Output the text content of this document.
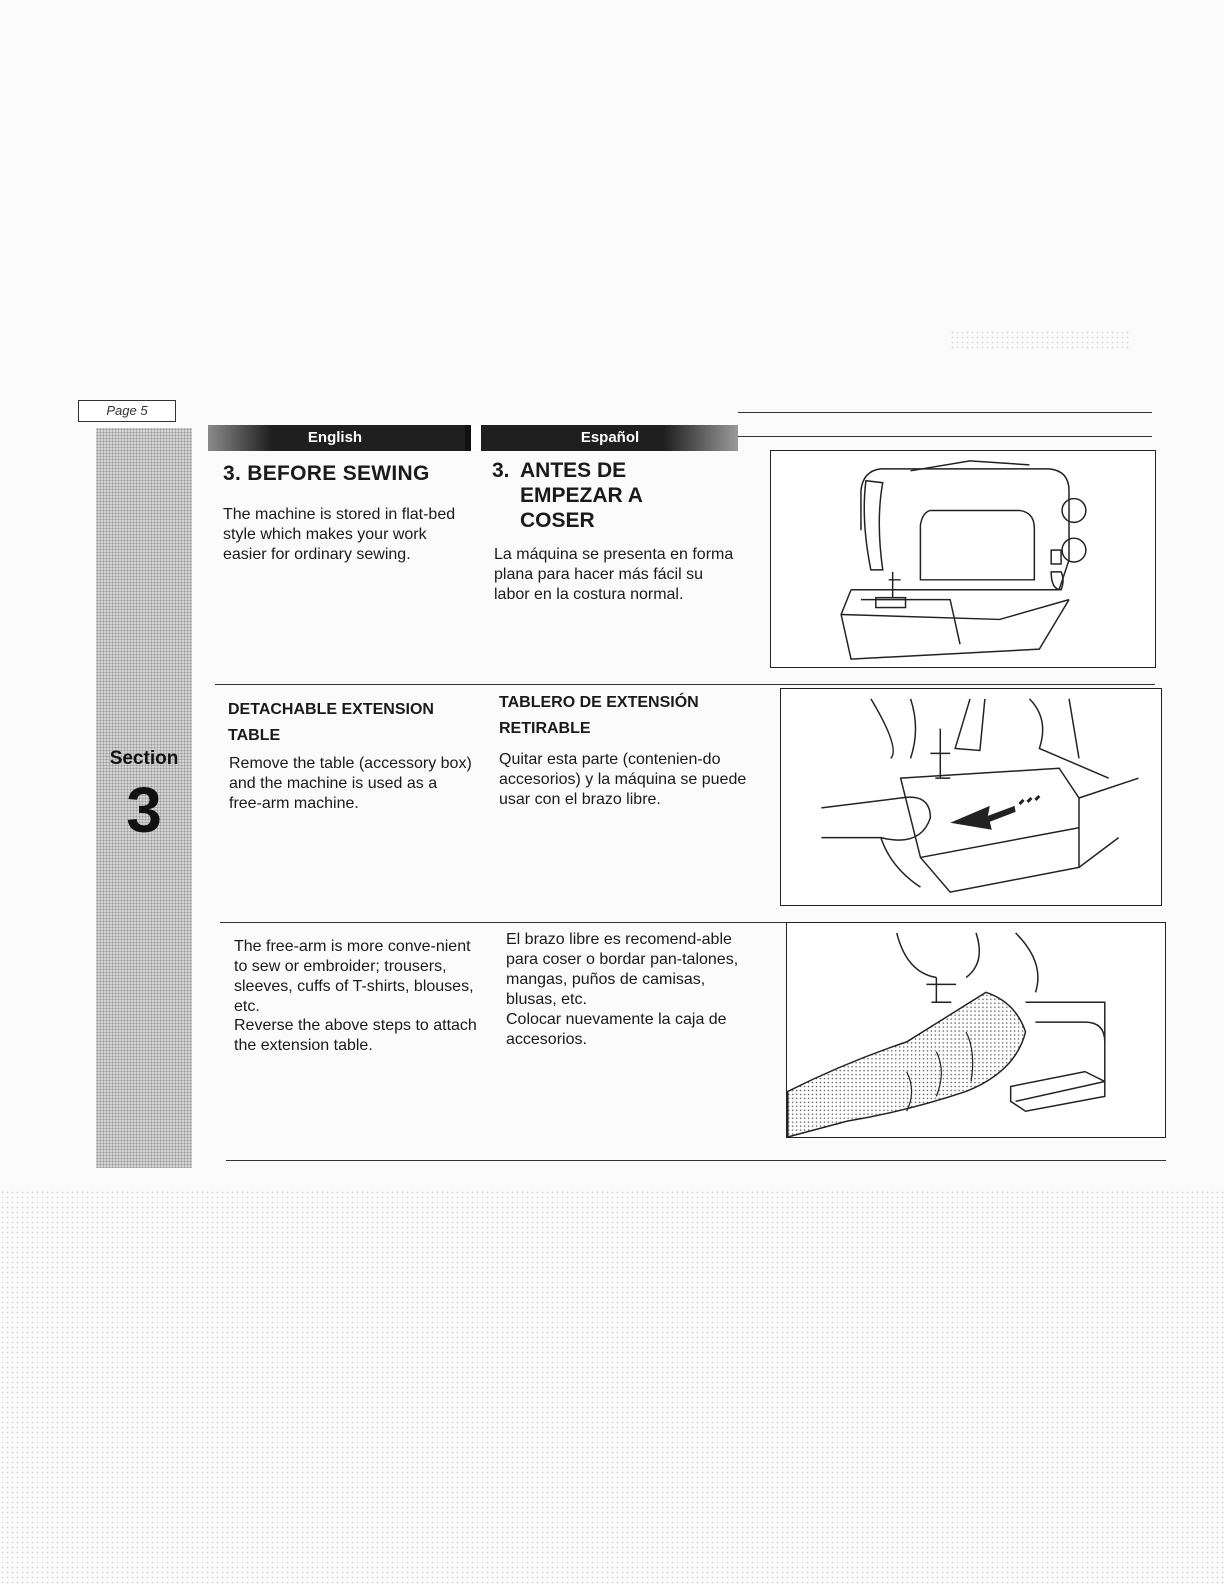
Page 5
Section
3
English	Español
3. BEFORE SEWING
The machine is stored in flat-bed style which makes your work easier for ordinary sewing.
3. ANTES DE EMPEZAR A COSER
La máquina se presenta en forma plana para hacer más fácil su labor en la costura normal.
DETACHABLE EXTENSION TABLE
Remove the table (accessory box) and the machine is used as a free-arm machine.
TABLERO DE EXTENSIÓN RETIRABLE
Quitar esta parte (contenien-do accesorios) y la máquina se puede usar con el brazo libre.
The free-arm is more conve-nient to sew or embroider; trousers, sleeves, cuffs of T-shirts, blouses, etc.
Reverse the above steps to attach the extension table.
El brazo libre es recomend-able para coser o bordar pan-talones, mangas, puños de camisas, blusas, etc.
Colocar nuevamente la caja de accesorios.
